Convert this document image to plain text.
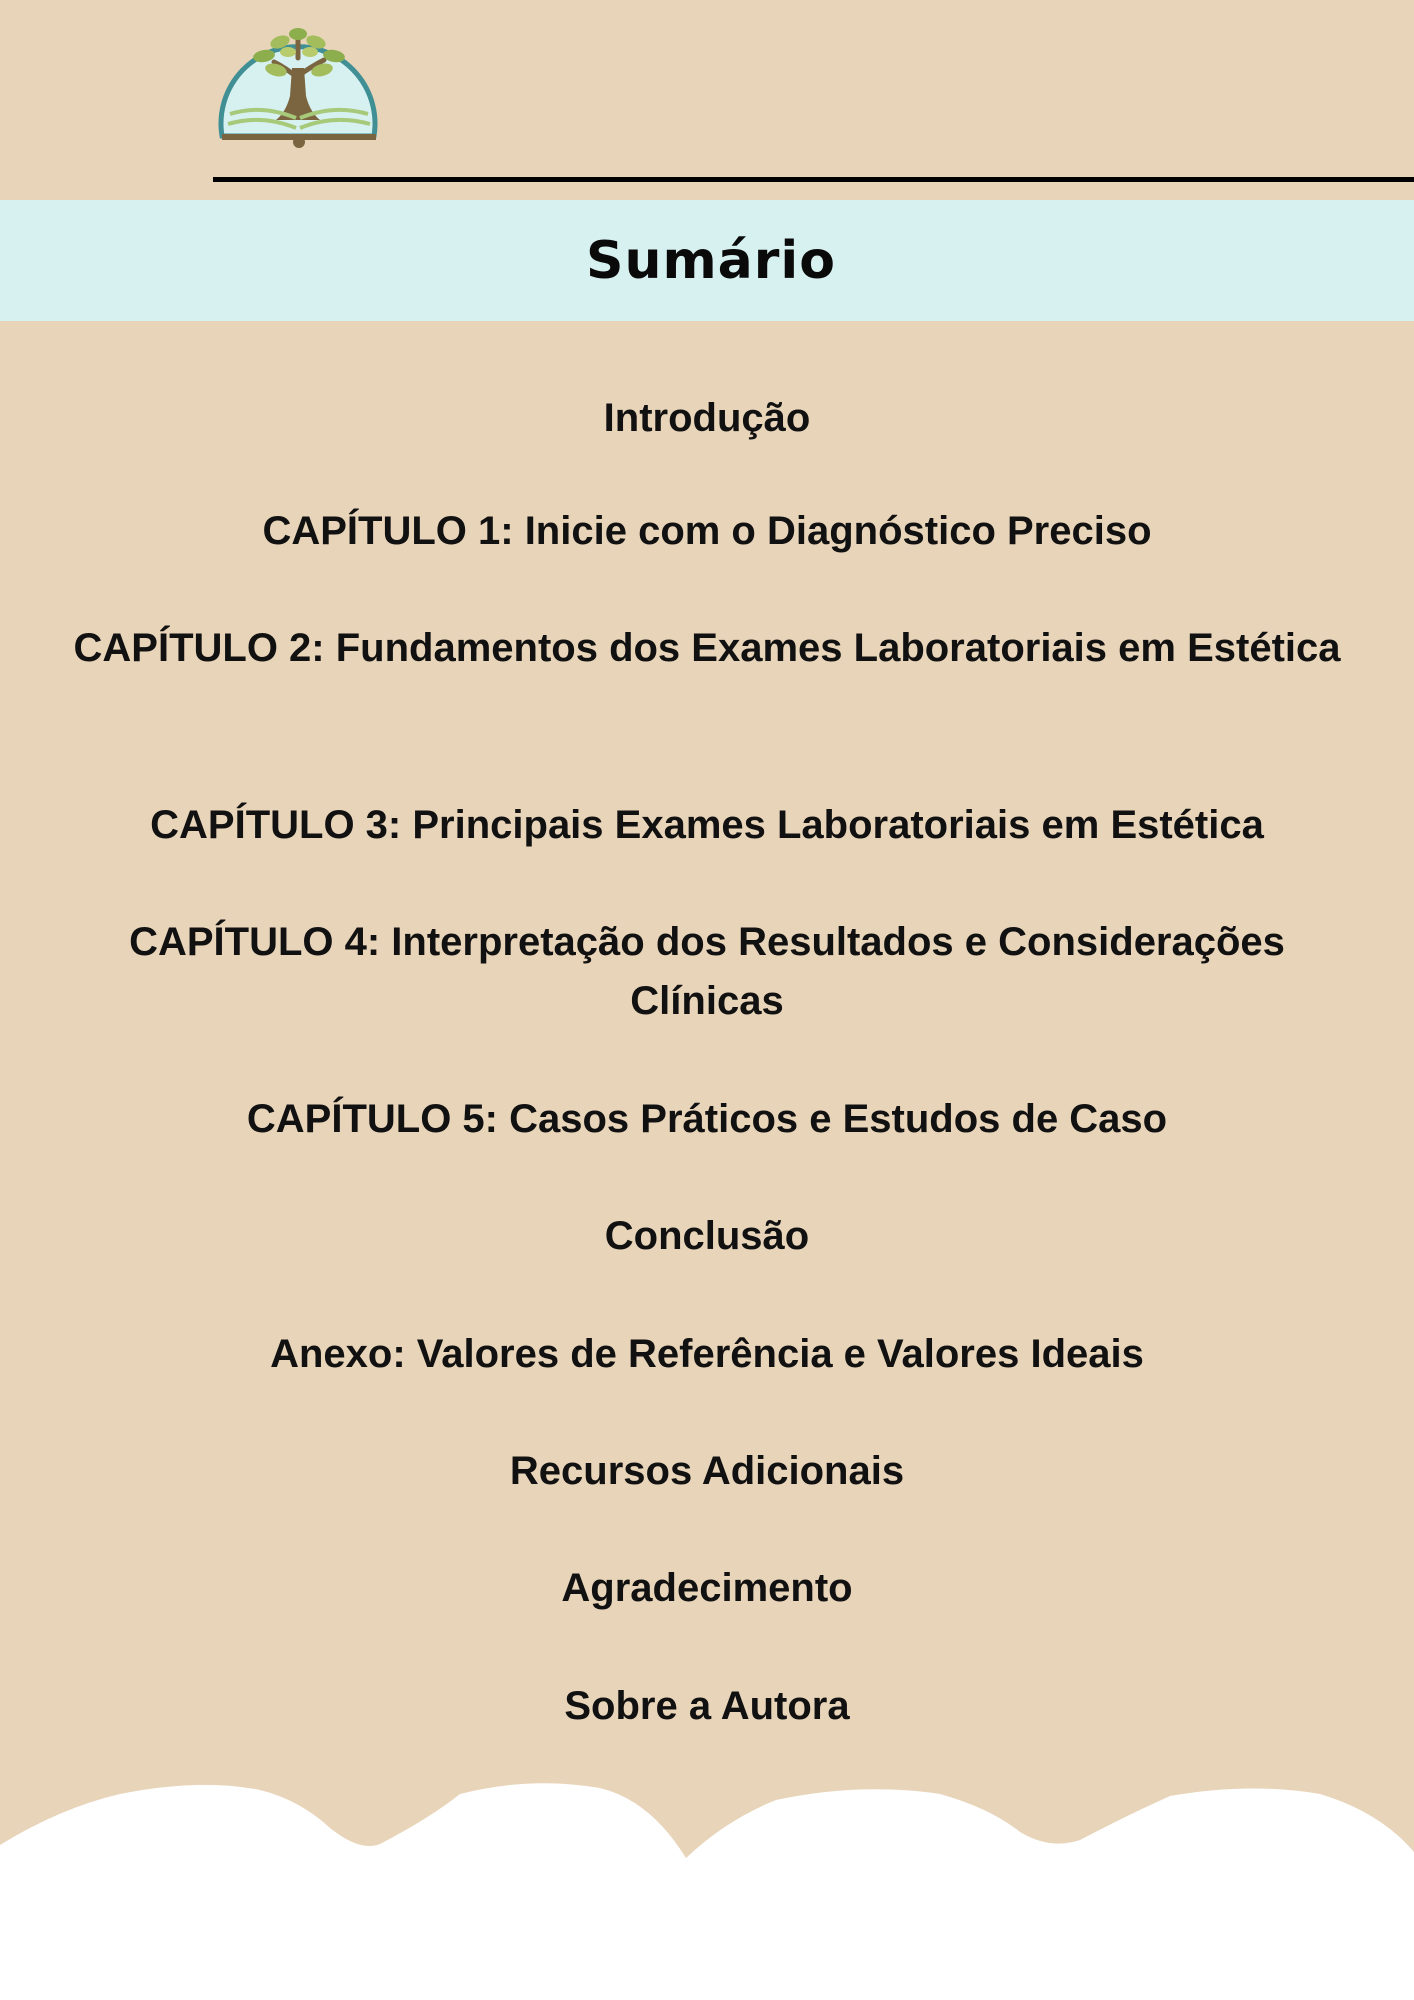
Sumário
Introdução
CAPÍTULO 1: Inicie com o Diagnóstico Preciso
CAPÍTULO 2: Fundamentos dos Exames Laboratoriais em Estética
CAPÍTULO 3: Principais Exames Laboratoriais em Estética
CAPÍTULO 4: Interpretação dos Resultados e Considerações Clínicas
CAPÍTULO 5: Casos Práticos e Estudos de Caso
Conclusão
Anexo: Valores de Referência e Valores Ideais
Recursos Adicionais
Agradecimento
Sobre a Autora
